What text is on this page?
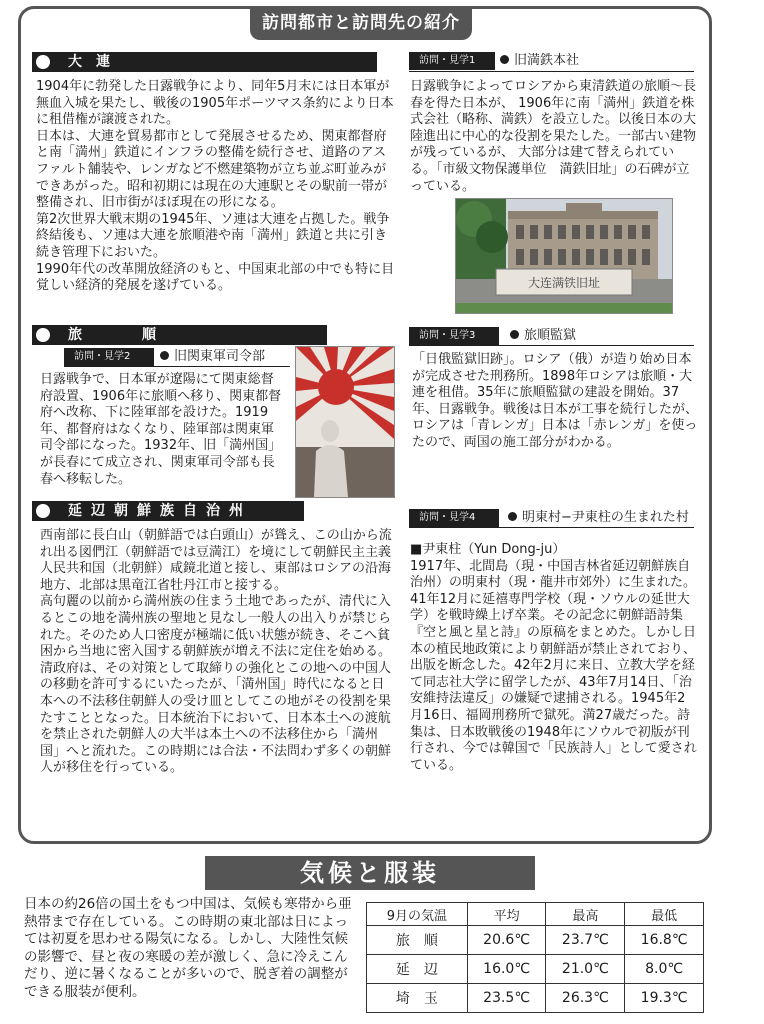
訪問都市と訪問先の紹介
大連

1904年に勃発した日露戦争により、同年5月末には日本軍が無血入城を果たし、戦後の1905年ポーツマス条約により日本に租借権が譲渡された。

日本は、大連を貿易都市として発展させるため、関東都督府と南「満州」鉄道にインフラの整備を続行させ、道路のアスファルト舗装や、レンガなど不燃建築物が立ち並ぶ町並みができあがった。昭和初期には現在の大連駅とその駅前一帯が整備され、旧市街がほぼ現在の形になる。

第2次世界大戦末期の1945年、ソ連は大連を占拠した。戦争終結後も、ソ連は大連を旅順港や南「満州」鉄道と共に引き続き管理下においた。

1990年代の改革開放経済のもと、中国東北部の中でも特に目覚しい経済的発展を遂げている。

訪問・見学1	旧満鉄本社
日露戦争によってロシアから東清鉄道の旅順〜長春を得た日本が、 1906年に南「満州」鉄道を株式会社（略称、満鉄）を設立した。以後日本の大陸進出に中心的な役割を果たした。一部古い建物が残っているが、 大部分は建て替えられている。「市級文物保護単位　満鉄旧址」の石碑が立っている。
大连满铁旧址
旅順
訪問・見学2	旧関東軍司令部
日露戦争で、日本軍が遼陽にて関東総督府設置、1906年に旅順へ移り、関東都督府へ改称、下に陸軍部を設けた。1919年、都督府はなくなり、陸軍部は関東軍司令部になった。1932年、旧「満州国」が長春にて成立され、関東軍司令部も長春へ移転した。
訪問・見学3	旅順監獄
「日俄監獄旧跡」。ロシア（俄）が造り始め日本が完成させた刑務所。1898年ロシアは旅順・大連を租借。35年に旅順監獄の建設を開始。37年、日露戦争。戦後は日本が工事を続行したが、ロシアは「青レンガ」日本は「赤レンガ」を使ったので、両国の施工部分がわかる。
延辺朝鮮族自治州

西南部に長白山（朝鮮語では白頭山）が聳え、この山から流れ出る図們江（朝鮮語では豆満江）を境にして朝鮮民主主義人民共和国（北朝鮮）咸鏡北道と接し、東部はロシアの沿海地方、北部は黒竜江省牡丹江市と接する。

高句麗の以前から満州族の住まう土地であったが、清代に入るとこの地を満州族の聖地と見なし一般人の出入りが禁じられた。そのため人口密度が極端に低い状態が続き、そこへ貧困から当地に密入国する朝鮮族が増え不法に定住を始める。清政府は、その対策として取締りの強化とこの地への中国人の移動を許可するにいたったが、「満州国」時代になると日本への不法移住朝鮮人の受け皿としてこの地がその役割を果たすこととなった。日本統治下において、日本本土への渡航を禁止された朝鮮人の大半は本土への不法移住から「満州国」へと流れた。この時期には合法・不法問わず多くの朝鮮人が移住を行っている。

訪問・見学4	明東村−尹東柱の生まれた村

■尹東柱（Yun Dong-ju）

1917年、北間島（現・中国吉林省延辺朝鮮族自治州）の明東村（現・龍井市郊外）に生まれた。41年12月に延禧専門学校（現・ソウルの延世大学）を戦時繰上げ卒業。その記念に朝鮮語詩集『空と風と星と詩』の原稿をまとめた。しかし日本の植民地政策により朝鮮語が禁止されており、出版を断念した。42年2月に来日、立教大学を経て同志社大学に留学したが、43年7月14日、「治安維持法違反」の嫌疑で逮捕される。1945年2月16日、福岡刑務所で獄死。満27歳だった。詩集は、日本敗戦後の1948年にソウルで初版が刊行され、今では韓国で「民族詩人」として愛されている。

気候と服装
日本の約26倍の国土をもつ中国は、気候も寒帯から亜熱帯まで存在している。この時期の東北部は日によっては初夏を思わせる陽気になる。しかし、大陸性気候の影響で、昼と夜の寒暖の差が激しく、急に冷えこんだり、逆に暑くなることが多いので、脱ぎ着の調整ができる服装が便利。
9月の気温	平均	最高	最低
旅　順	20.6℃	23.7℃	16.8℃
延　辺	16.0℃	21.0℃	8.0℃
埼　玉	23.5℃	26.3℃	19.3℃
